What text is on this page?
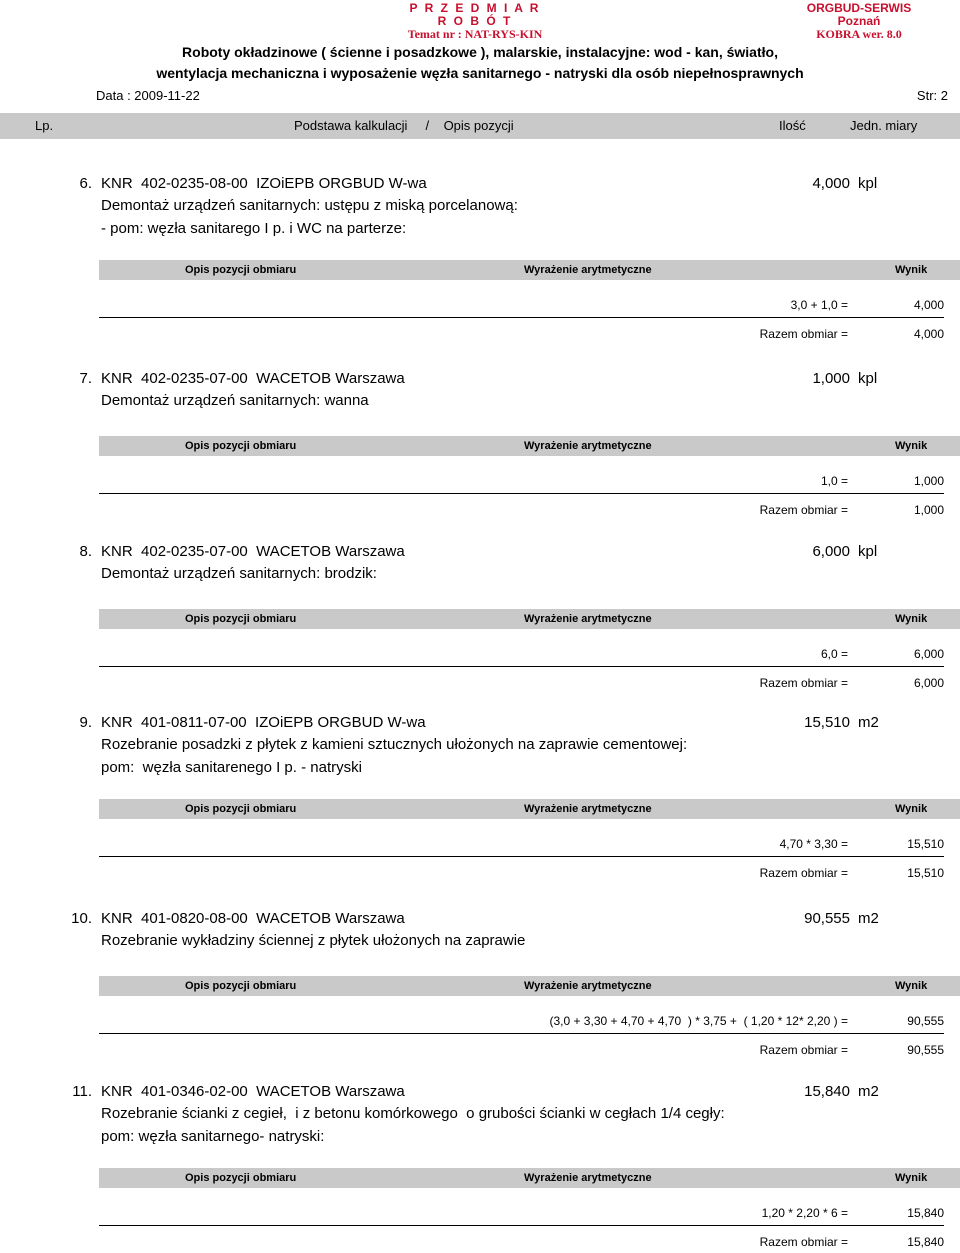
P R Z E D M I A R R O B Ó T
Temat nr : NAT-RYS-KIN
ORGBUD-SERWIS Poznań
KOBRA wer. 8.0
Roboty okładzinowe ( ścienne i posadzkowe ), malarskie, instalacyjne: wod - kan, światło,
wentylacja mechaniczna i wyposażenie węzła sanitarnego - natryski dla osób niepełnosprawnych
Data : 2009-11-22	Str: 2
Lp.	Podstawa kalkulacji     /    Opis pozycji	Ilość	Jedn. miary
6. KNR  402-0235-08-00  IZOiEPB ORGBUD W-wa	4,000 kpl
Demontaż urządzeń sanitarnych: ustępu z miską porcelanową:
- pom: węzła sanitarego I p. i WC na parterze:
Opis pozycji obmiaru	Wyrażenie arytmetyczne	Wynik
3,0 + 1,0 =	4,000
Razem obmiar =	4,000
7. KNR  402-0235-07-00  WACETOB Warszawa	1,000 kpl
Demontaż urządzeń sanitarnych: wanna
Opis pozycji obmiaru	Wyrażenie arytmetyczne	Wynik
1,0 =	1,000
Razem obmiar =	1,000
8. KNR  402-0235-07-00  WACETOB Warszawa	6,000 kpl
Demontaż urządzeń sanitarnych: brodzik:
Opis pozycji obmiaru	Wyrażenie arytmetyczne	Wynik
6,0 =	6,000
Razem obmiar =	6,000
9. KNR  401-0811-07-00  IZOiEPB ORGBUD W-wa	15,510 m2
Rozebranie posadzki z płytek z kamieni sztucznych ułożonych na zaprawie cementowej:
pom:  węzła sanitarenego I p. - natryski
Opis pozycji obmiaru	Wyrażenie arytmetyczne	Wynik
4,70 * 3,30 =	15,510
Razem obmiar =	15,510
10. KNR  401-0820-08-00  WACETOB Warszawa	90,555 m2
Rozebranie wykładziny ściennej z płytek ułożonych na zaprawie
Opis pozycji obmiaru	Wyrażenie arytmetyczne	Wynik
(3,0 + 3,30 + 4,70 + 4,70  ) * 3,75 +  ( 1,20 * 12* 2,20 ) =	90,555
Razem obmiar =	90,555
11. KNR  401-0346-02-00  WACETOB Warszawa	15,840 m2
Rozebranie ścianki z cegieł,  i z betonu komórkowego  o grubości ścianki w cegłach 1/4 cegły:
pom: węzła sanitarnego- natryski:
Opis pozycji obmiaru	Wyrażenie arytmetyczne	Wynik
1,20 * 2,20 * 6 =	15,840
Razem obmiar =	15,840
